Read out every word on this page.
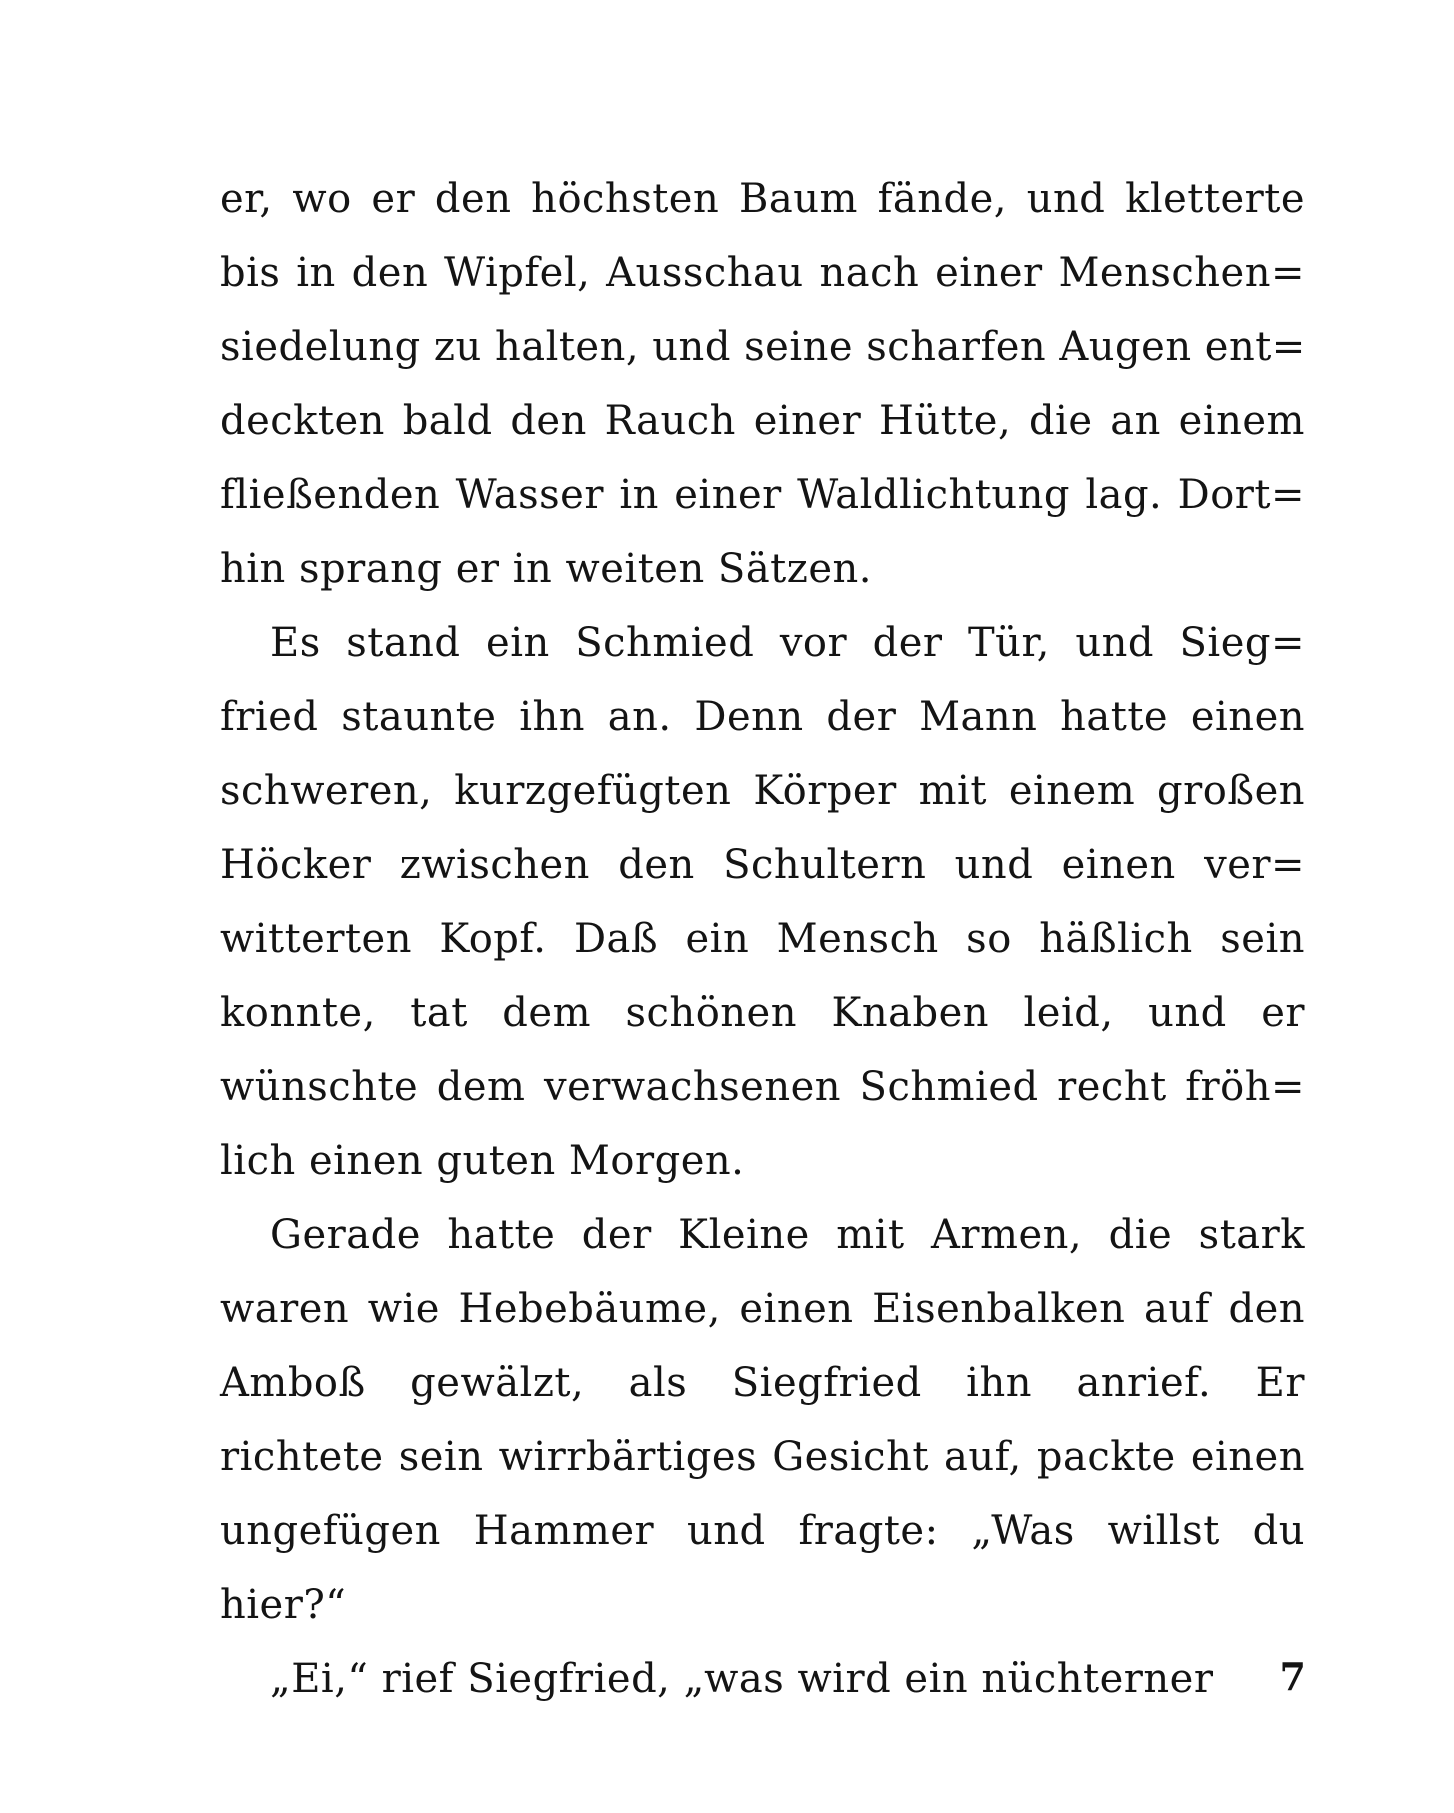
er, wo er den höchsten Baum fände, und kletterte
bis in den Wipfel, Ausschau nach einer Menschen=
siedelung zu halten, und seine scharfen Augen ent=
deckten bald den Rauch einer Hütte, die an einem
fließenden Wasser in einer Waldlichtung lag. Dort=
hin sprang er in weiten Sätzen.
Es stand ein Schmied vor der Tür, und Sieg=
fried staunte ihn an. Denn der Mann hatte einen
schweren, kurzgefügten Körper mit einem großen
Höcker zwischen den Schultern und einen ver=
witterten Kopf. Daß ein Mensch so häßlich sein
konnte, tat dem schönen Knaben leid, und er
wünschte dem verwachsenen Schmied recht fröh=
lich einen guten Morgen.
Gerade hatte der Kleine mit Armen, die stark
waren wie Hebebäume, einen Eisenbalken auf den
Amboß gewälzt, als Siegfried ihn anrief. Er
richtete sein wirrbärtiges Gesicht auf, packte einen
ungefügen Hammer und fragte: „Was willst du
hier?“
„Ei,“ rief Siegfried, „was wird ein nüchterner	7
